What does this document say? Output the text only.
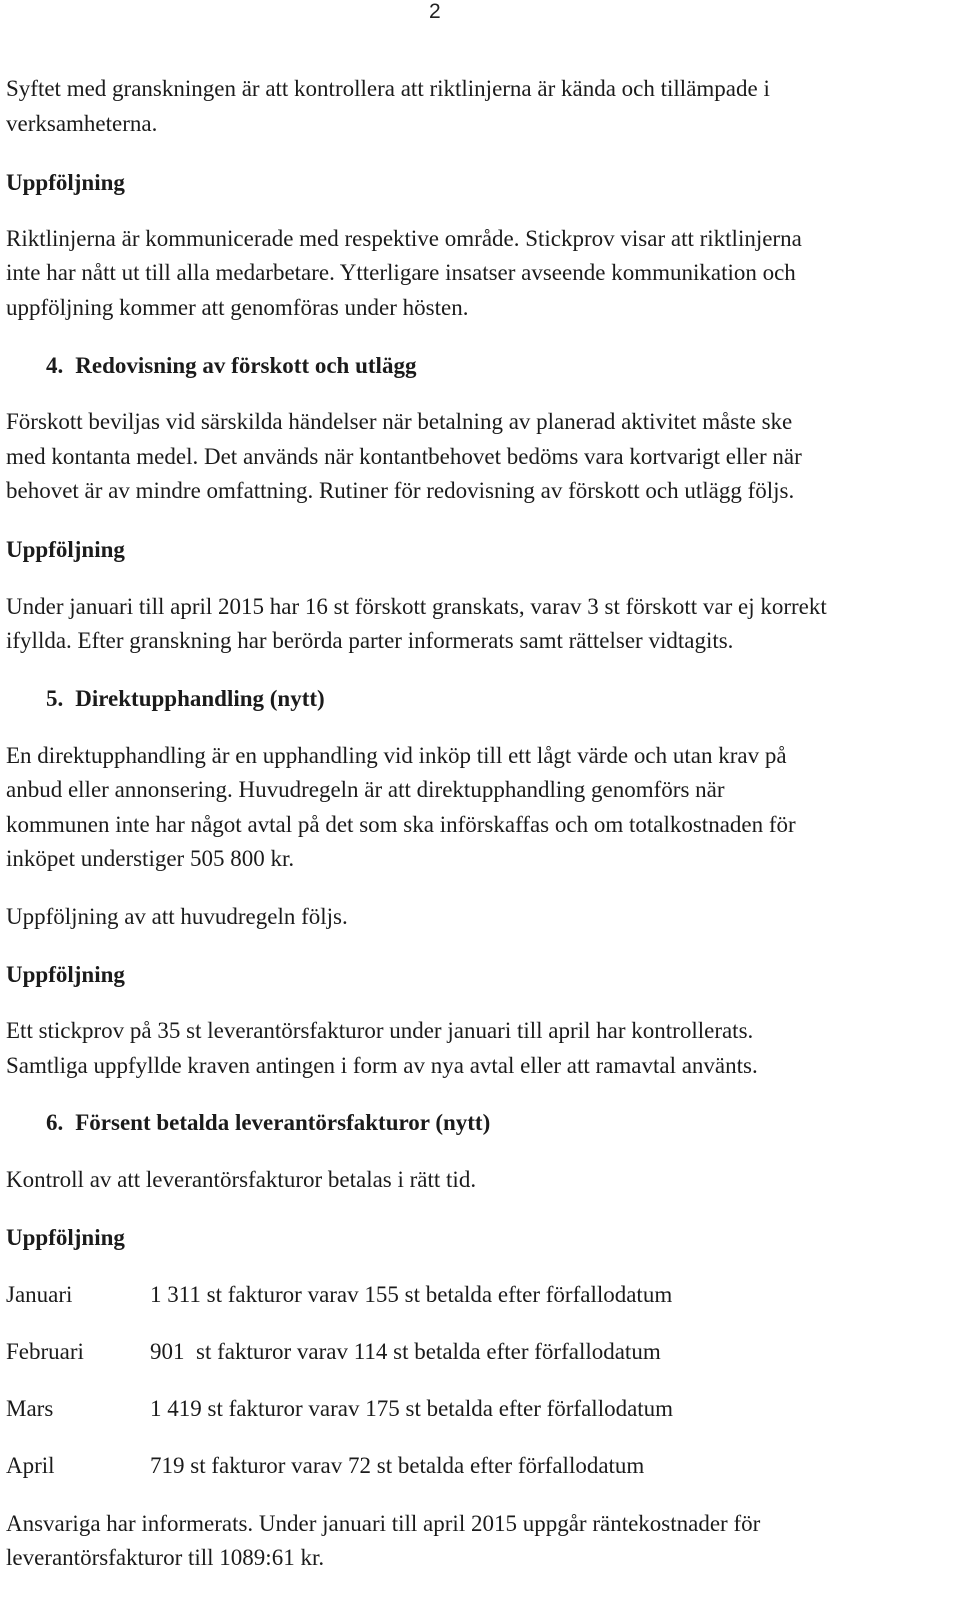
2
Syftet med granskningen är att kontrollera att riktlinjerna är kända och tillämpade i
verksamheterna.
Uppföljning
Riktlinjerna är kommunicerade med respektive område. Stickprov visar att riktlinjerna
inte har nått ut till alla medarbetare. Ytterligare insatser avseende kommunikation och
uppföljning kommer att genomföras under hösten.
4. Redovisning av förskott och utlägg
Förskott beviljas vid särskilda händelser när betalning av planerad aktivitet måste ske
med kontanta medel. Det används när kontantbehovet bedöms vara kortvarigt eller när
behovet är av mindre omfattning. Rutiner för redovisning av förskott och utlägg följs.
Uppföljning
Under januari till april 2015 har 16 st förskott granskats, varav 3 st förskott var ej korrekt
ifyllda. Efter granskning har berörda parter informerats samt rättelser vidtagits.
5. Direktupphandling (nytt)
En direktupphandling är en upphandling vid inköp till ett lågt värde och utan krav på
anbud eller annonsering. Huvudregeln är att direktupphandling genomförs när
kommunen inte har något avtal på det som ska införskaffas och om totalkostnaden för
inköpet understiger 505 800 kr.
Uppföljning av att huvudregeln följs.
Uppföljning
Ett stickprov på 35 st leverantörsfakturor under januari till april har kontrollerats.
Samtliga uppfyllde kraven antingen i form av nya avtal eller att ramavtal använts.
6. Försent betalda leverantörsfakturor (nytt)
Kontroll av att leverantörsfakturor betalas i rätt tid.
Uppföljning
Januari	1 311 st fakturor varav 155 st betalda efter förfallodatum
Februari	901  st fakturor varav 114 st betalda efter förfallodatum
Mars	1 419 st fakturor varav 175 st betalda efter förfallodatum
April	719 st fakturor varav 72 st betalda efter förfallodatum
Ansvariga har informerats. Under januari till april 2015 uppgår räntekostnader för
leverantörsfakturor till 1089:61 kr.
